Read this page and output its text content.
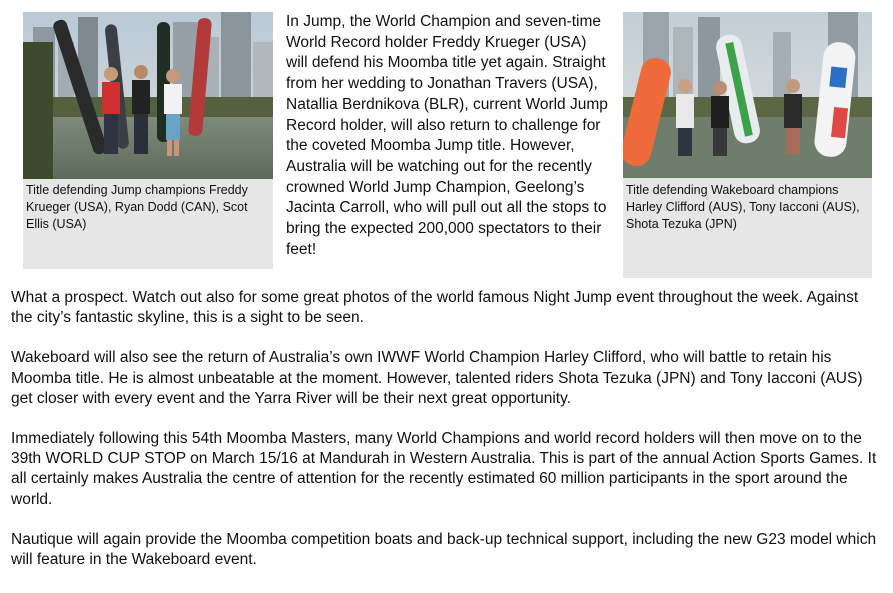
Title defending Jump champions Freddy Krueger (USA), Ryan Dodd (CAN), Scot Ellis (USA)

In Jump, the World Champion and seven-time World Record holder Freddy Krueger (USA) will defend his Moomba title yet again. Straight from her wedding to Jonathan Travers (USA), Natallia Berdnikova (BLR), current World Jump Record holder, will also return to challenge for the coveted Moomba Jump title. However, Australia will be watching out for the recently crowned World Jump Champion, Geelong’s Jacinta Carroll, who will pull out all the stops to bring the expected 200,000 spectators to their feet!

Title defending Wakeboard champions Harley Clifford (AUS), Tony Iacconi (AUS), Shota Tezuka (JPN)

What a prospect. Watch out also for some great photos of the world famous Night Jump event throughout the week. Against the city’s fantastic skyline, this is a sight to be seen.

Wakeboard will also see the return of Australia’s own IWWF World Champion Harley Clifford, who will battle to retain his Moomba title. He is almost unbeatable at the moment. However, talented riders Shota Tezuka (JPN) and Tony Iacconi (AUS) get closer with every event and the Yarra River will be their next great opportunity.

Immediately following this 54th Moomba Masters, many World Champions and world record holders will then move on to the 39th WORLD CUP STOP on March 15/16 at Mandurah in Western Australia. This is part of the annual Action Sports Games. It all certainly makes Australia the centre of attention for the recently estimated 60 million participants in the sport around the world.

Nautique will again provide the Moomba competition boats and back-up technical support, including the new G23 model which will feature in the Wakeboard event.
